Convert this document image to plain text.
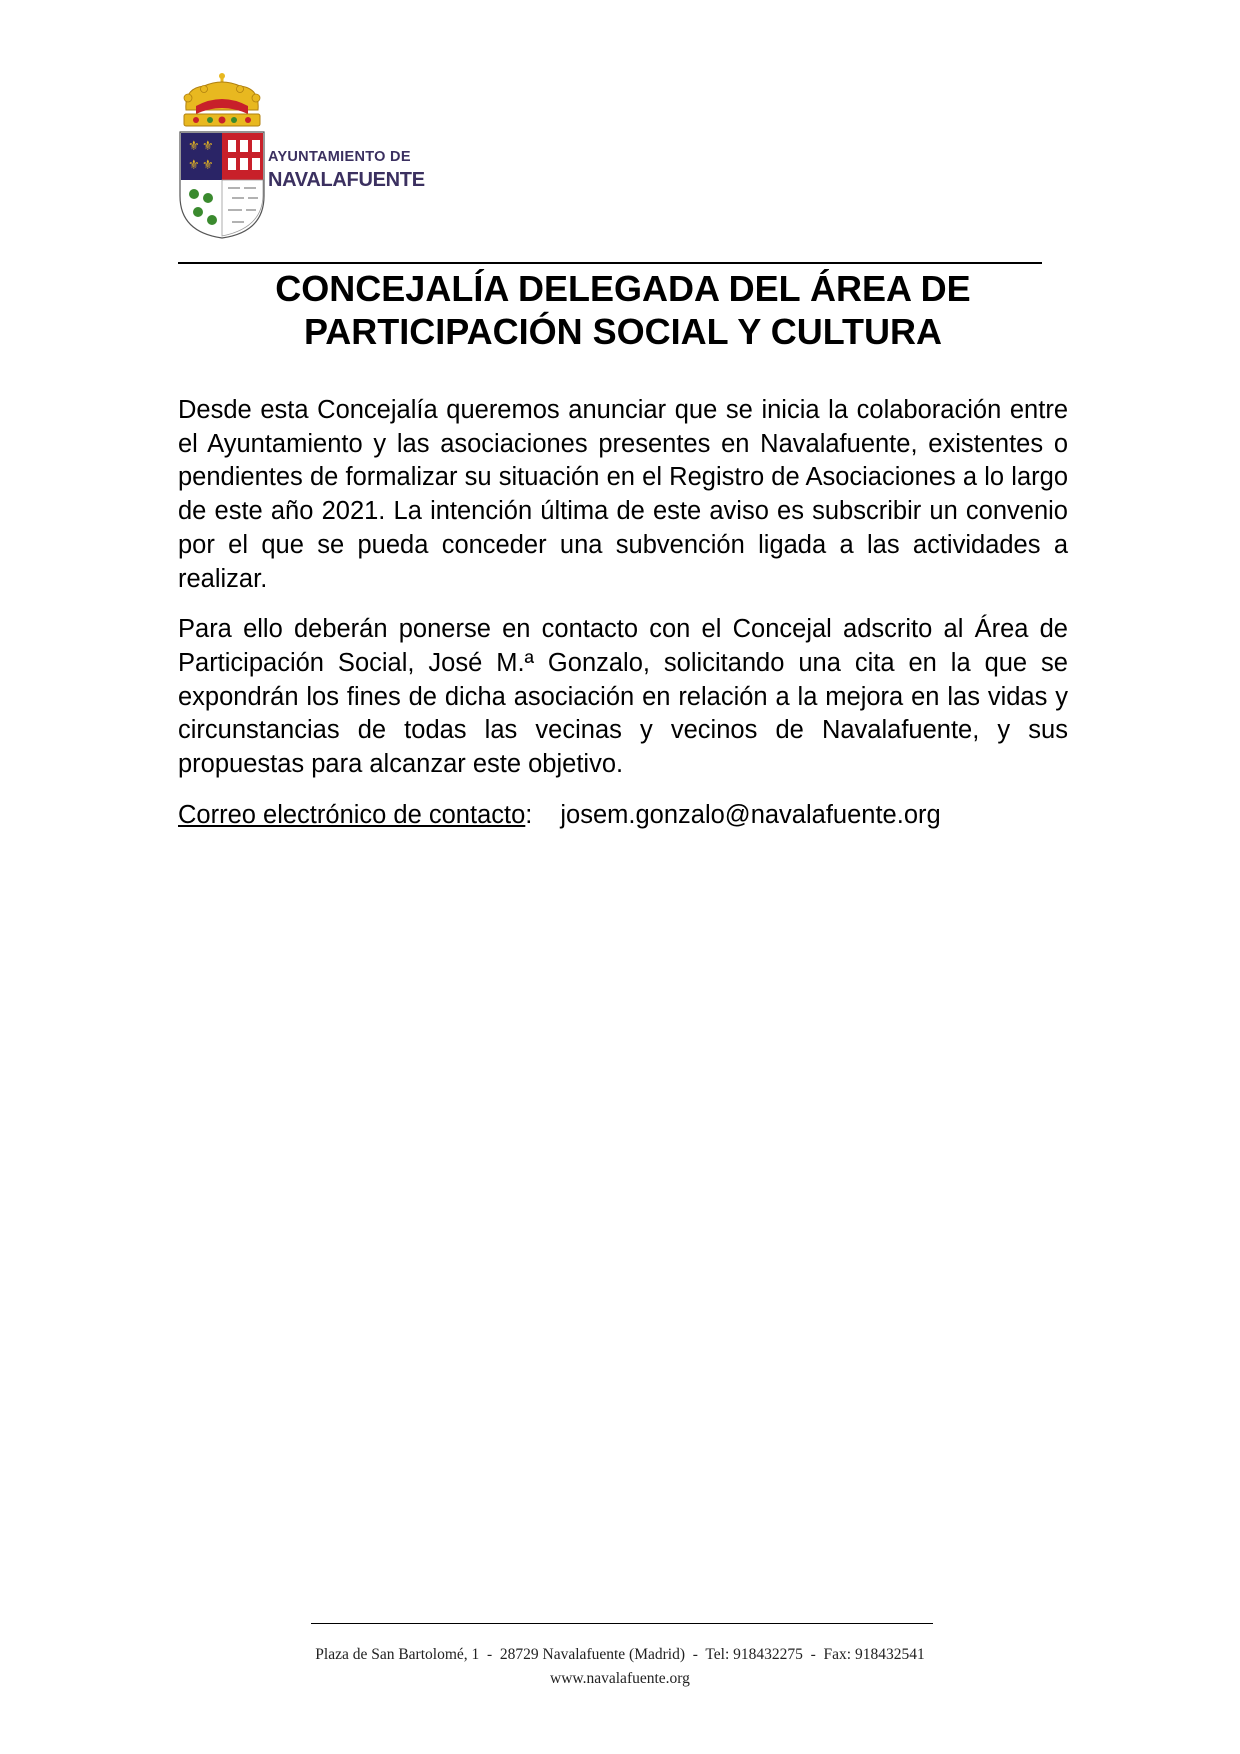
⚜ ⚜
⚜ ⚜	AYUNTAMIENTO DE
NAVALAFUENTE
CONCEJALÍA DELEGADA DEL ÁREA DE
PARTICIPACIÓN SOCIAL Y CULTURA

Desde esta Concejalía queremos anunciar que se inicia la colaboración entre el Ayuntamiento y las asociaciones presentes en Navalafuente, existentes o pendientes de formalizar su situación en el Registro de Asociaciones a lo largo de este año 2021. La intención última de este aviso es subscribir un convenio por el que se pueda conceder una subvención ligada a las actividades a realizar.

Para ello deberán ponerse en contacto con el Concejal adscrito al Área de Participación Social, José M.ª Gonzalo, solicitando una cita en la que se expondrán los fines de dicha asociación en relación a la mejora en las vidas y circunstancias de todas las vecinas y vecinos de Navalafuente, y sus propuestas para alcanzar este objetivo.

Correo electrónico de contacto: josem.gonzalo@navalafuente.org

Plaza de San Bartolomé, 1  -  28729 Navalafuente (Madrid)  -  Tel: 918432275  -  Fax: 918432541
www.navalafuente.org
